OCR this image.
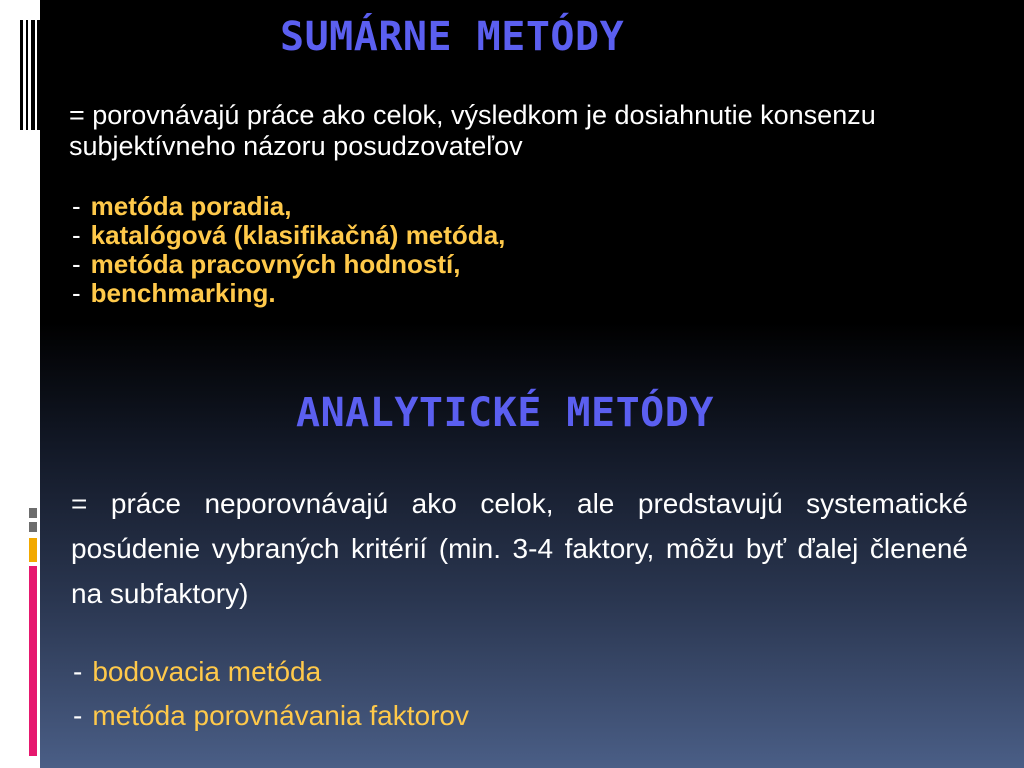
SUMÁRNE METÓDY
= porovnávajú práce ako celok, výsledkom je dosiahnutie konsenzu subjektívneho názoru posudzovateľov
- metóda poradia,
- katalógová (klasifikačná) metóda,
- metóda pracovných hodností,
- benchmarking.
ANALYTICKÉ METÓDY
= práce neporovnávajú ako celok, ale predstavujú systematické posúdenie vybraných kritérií (min. 3-4 faktory, môžu byť ďalej členené na subfaktory)
- bodovacia metóda
- metóda porovnávania faktorov
